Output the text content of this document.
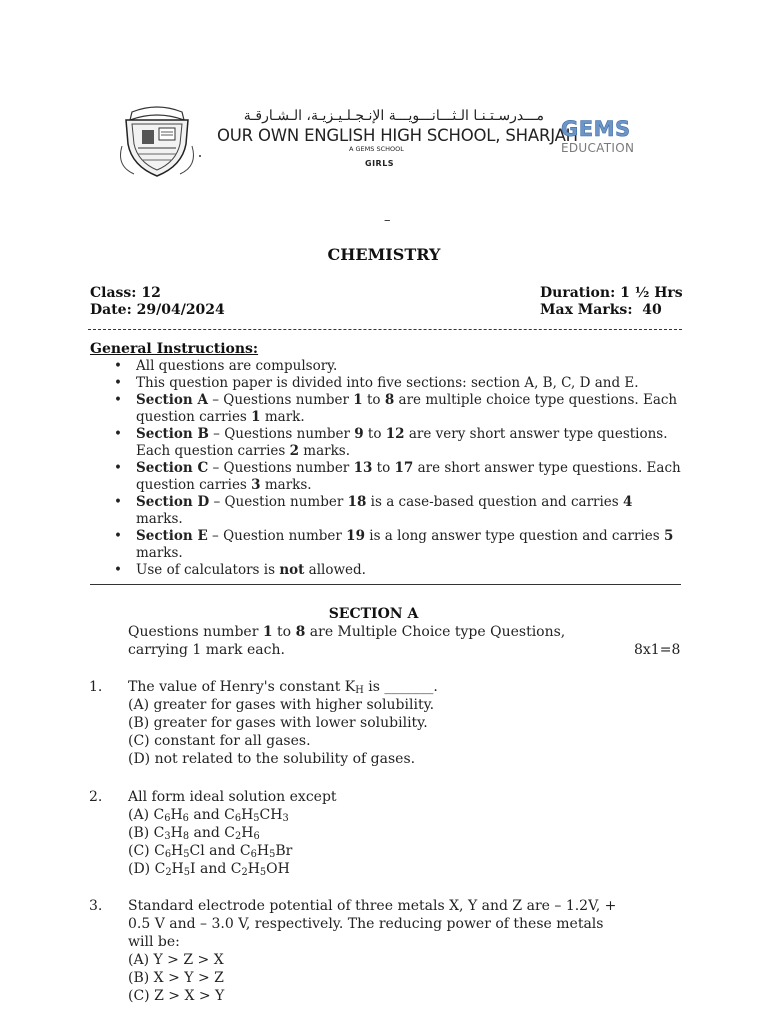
مـــدرسـتـنـا الـثـــانـــويـــة الإنـجـلـيـزيـة، الـشـارقـة
OUR OWN ENGLISH HIGH SCHOOL, SHARJAH
A GEMS SCHOOL
GIRLS
GEMS
EDUCATION
–
CHEMISTRY
Class: 12
Date: 29/04/2024
Duration: 1 ½ Hrs
Max Marks:  40
General Instructions:
• All questions are compulsory.
• This question paper is divided into five sections: section A, B, C, D and E.
• Section A – Questions number 1 to 8 are multiple choice type questions. Each question carries 1 mark.
• Section B – Questions number 9 to 12 are very short answer type questions. Each question carries 2 marks.
• Section C – Questions number 13 to 17 are short answer type questions. Each question carries 3 marks.
• Section D – Question number 18 is a case-based question and carries 4 marks.
• Section E – Question number 19 is a long answer type question and carries 5 marks.
• Use of calculators is not allowed.
SECTION A
Questions number 1 to 8 are Multiple Choice type Questions, carrying 1 mark each.	8x1=8
1. The value of Henry's constant $K_H$ is _______.
(A) greater for gases with higher solubility.
(B) greater for gases with lower solubility.
(C) constant for all gases.
(D) not related to the solubility of gases.
2. All form ideal solution except
(A) $C_6H_6$ and $C_6H_5CH_3$
(B) $C_3H_8$ and $C_2H_6$
(C) $C_6H_5Cl$ and $C_6H_5Br$
(D) $C_2H_5I$ and $C_2H_5OH$
3. Standard electrode potential of three metals X, Y and Z are – 1.2V, + 0.5 V and – 3.0 V, respectively. The reducing power of these metals will be:
(A) Y > Z > X
(B) X > Y > Z
(C) Z > X > Y
